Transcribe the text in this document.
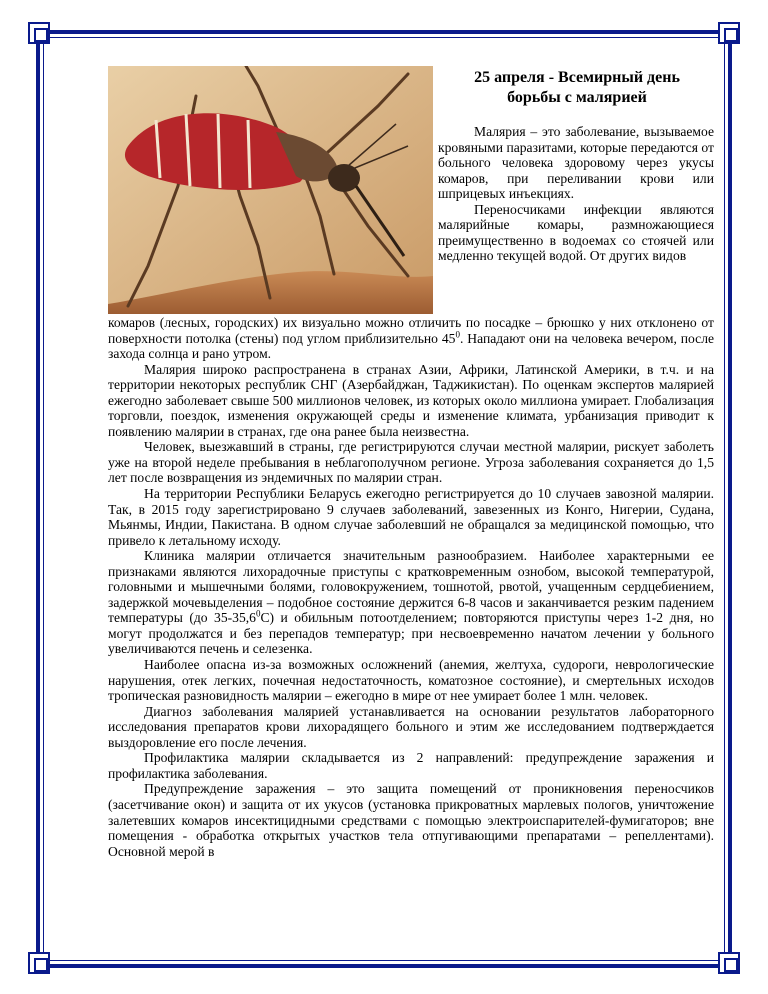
25 апреля - Всемирный день
борьбы с малярией

Малярия – это заболевание, вызываемое кровяными паразитами, которые передаются от больного человека здоровому через укусы комаров, при переливании крови или шприцевых инъекциях.

Переносчиками инфекции являются малярийные комары, размножающиеся преимущественно в водоемах со стоячей или медленно текущей водой. От других видов

комаров (лесных, городских) их визуально можно отличить по посадке – брюшко у них отклонено от поверхности потолка (стены) под углом приблизительно $45^0$. Нападают они на человека вечером, после захода солнца и рано утром.

Малярия широко распространена в странах Азии, Африки, Латинской Америки, в т.ч. и на территории некоторых республик СНГ (Азербайджан, Таджикистан). По оценкам экспертов малярией ежегодно заболевает свыше 500 миллионов человек, из которых около миллиона умирает. Глобализация торговли, поездок, изменения окружающей среды и изменение климата, урбанизация приводит к появлению малярии в странах, где она ранее была неизвестна.

Человек, выезжавший в страны, где регистрируются случаи местной малярии, рискует заболеть уже на второй неделе пребывания в неблагополучном регионе. Угроза заболевания сохраняется до 1,5 лет после возвращения из эндемичных по малярии стран.

На территории Республики Беларусь ежегодно регистрируется до 10 случаев завозной малярии. Так, в 2015 году зарегистрировано 9 случаев заболеваний, завезенных из Конго, Нигерии, Судана, Мьянмы, Индии, Пакистана. В одном случае заболевший не обращался за медицинской помощью, что привело к летальному исходу.

Клиника малярии отличается значительным разнообразием. Наиболее характерными ее признаками являются лихорадочные приступы с кратковременным ознобом, высокой температурой, головными и мышечными болями, головокружением, тошнотой, рвотой, учащенным сердцебиением, задержкой мочевыделения – подобное состояние держится 6-8 часов и заканчивается резким падением температуры (до 35-35,6$^0$С) и обильным потоотделением; повторяются приступы через 1-2 дня, но могут продолжатся и без перепадов температур; при несвоевременно начатом лечении у больного увеличиваются печень и селезенка.

Наиболее опасна из-за возможных осложнений (анемия, желтуха, судороги, неврологические нарушения, отек легких, почечная недостаточность, коматозное состояние), и смертельных исходов тропическая разновидность малярии – ежегодно в мире от нее умирает более 1 млн. человек.

Диагноз заболевания малярией устанавливается на основании результатов лабораторного исследования препаратов крови лихорадящего больного и этим же исследованием подтверждается выздоровление его после лечения.

Профилактика малярии складывается из 2 направлений: предупреждение заражения и профилактика заболевания.

Предупреждение заражения – это защита помещений от проникновения переносчиков (засетчивание окон) и защита от их укусов (установка прикроватных марлевых пологов, уничтожение залетевших комаров инсектицидными средствами с помощью электроиспарителей-фумигаторов; вне помещения - обработка открытых участков тела отпугивающими препаратами – репеллентами). Основной мерой в
